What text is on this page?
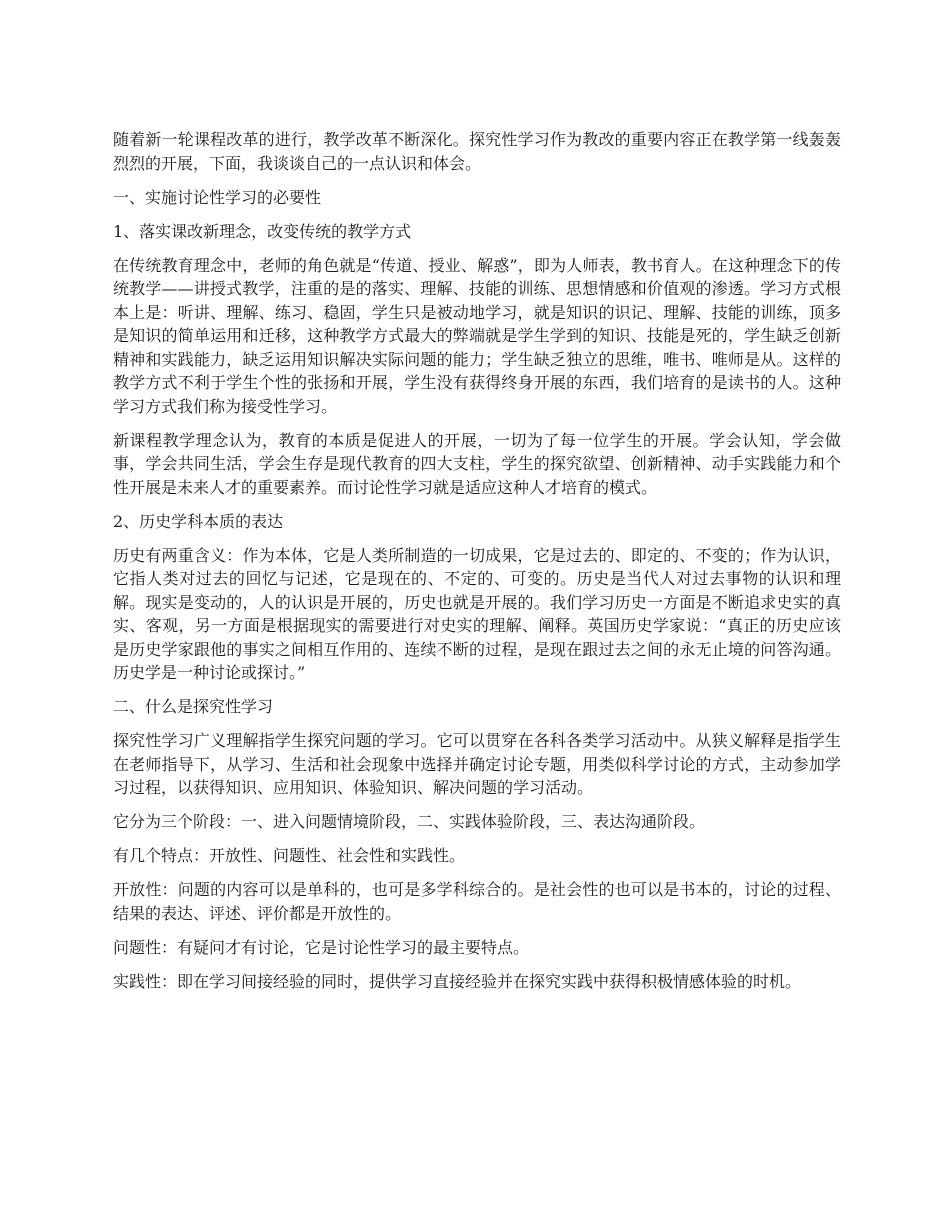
随着新一轮课程改革的进行，教学改革不断深化。探究性学习作为教改的重要内容正在教学第一线轰轰烈烈的开展，下面，我谈谈自己的一点认识和体会。

一、实施讨论性学习的必要性

1、落实课改新理念，改变传统的教学方式

在传统教育理念中，老师的角色就是“传道、授业、解惑”，即为人师表，教书育人。在这种理念下的传统教学——讲授式教学，注重的是的落实、理解、技能的训练、思想情感和价值观的渗透。学习方式根本上是：听讲、理解、练习、稳固，学生只是被动地学习，就是知识的识记、理解、技能的训练，顶多是知识的简单运用和迁移，这种教学方式最大的弊端就是学生学到的知识、技能是死的，学生缺乏创新精神和实践能力，缺乏运用知识解决实际问题的能力；学生缺乏独立的思维，唯书、唯师是从。这样的教学方式不利于学生个性的张扬和开展，学生没有获得终身开展的东西，我们培育的是读书的人。这种学习方式我们称为接受性学习。

新课程教学理念认为，教育的本质是促进人的开展，一切为了每一位学生的开展。学会认知，学会做事，学会共同生活，学会生存是现代教育的四大支柱，学生的探究欲望、创新精神、动手实践能力和个性开展是未来人才的重要素养。而讨论性学习就是适应这种人才培育的模式。

2、历史学科本质的表达

历史有两重含义：作为本体，它是人类所制造的一切成果，它是过去的、即定的、不变的；作为认识，它指人类对过去的回忆与记述，它是现在的、不定的、可变的。历史是当代人对过去事物的认识和理解。现实是变动的，人的认识是开展的，历史也就是开展的。我们学习历史一方面是不断追求史实的真实、客观，另一方面是根据现实的需要进行对史实的理解、阐释。英国历史学家说：“真正的历史应该是历史学家跟他的事实之间相互作用的、连续不断的过程，是现在跟过去之间的永无止境的问答沟通。历史学是一种讨论或探讨。”

二、什么是探究性学习

探究性学习广义理解指学生探究问题的学习。它可以贯穿在各科各类学习活动中。从狭义解释是指学生在老师指导下，从学习、生活和社会现象中选择并确定讨论专题，用类似科学讨论的方式，主动参加学习过程，以获得知识、应用知识、体验知识、解决问题的学习活动。

它分为三个阶段：一、进入问题情境阶段，二、实践体验阶段，三、表达沟通阶段。

有几个特点：开放性、问题性、社会性和实践性。

开放性：问题的内容可以是单科的，也可是多学科综合的。是社会性的也可以是书本的，讨论的过程、结果的表达、评述、评价都是开放性的。

问题性：有疑问才有讨论，它是讨论性学习的最主要特点。

实践性：即在学习间接经验的同时，提供学习直接经验并在探究实践中获得积极情感体验的时机。
